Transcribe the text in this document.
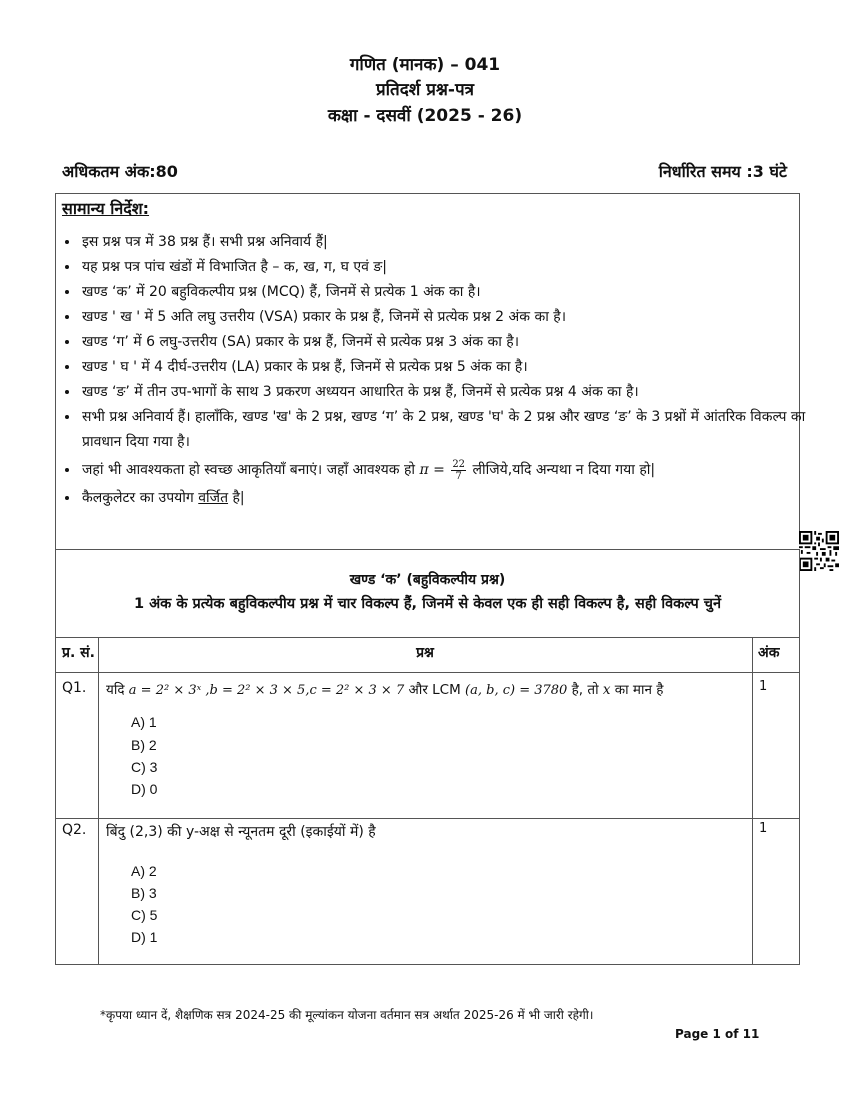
गणित (मानक) – 041
प्रतिदर्श प्रश्न-पत्र
कक्षा - दसवीं (2025 - 26)
अधिकतम अंक:80	निर्धारित समय :3 घंटे
सामान्य निर्देश:
• इस प्रश्न पत्र में 38 प्रश्न हैं। सभी प्रश्न अनिवार्य हैं|
• यह प्रश्न पत्र पांच खंडों में विभाजित है – क, ख, ग, घ एवं ङ|
• खण्ड ‘क’ में 20 बहुविकल्पीय प्रश्न (MCQ) हैं, जिनमें से प्रत्येक 1 अंक का है।
• खण्ड ' ख ' में 5 अति लघु उत्तरीय (VSA) प्रकार के प्रश्न हैं, जिनमें से प्रत्येक प्रश्न 2 अंक का है।
• खण्ड ‘ग’ में 6 लघु-उत्तरीय (SA) प्रकार के प्रश्न हैं, जिनमें से प्रत्येक प्रश्न 3 अंक का है।
• खण्ड ' घ ' में 4 दीर्घ-उत्तरीय (LA) प्रकार के प्रश्न हैं, जिनमें से प्रत्येक प्रश्न 5 अंक का है।
• खण्ड ‘ङ’ में तीन उप-भागों के साथ 3 प्रकरण अध्ययन आधारित के प्रश्न हैं, जिनमें से प्रत्येक प्रश्न 4 अंक का है।
• सभी प्रश्न अनिवार्य हैं। हालाँकि, खण्ड 'ख' के 2 प्रश्न, खण्ड ‘ग’ के 2 प्रश्न, खण्ड 'घ' के 2 प्रश्न और खण्ड ‘ङ’ के 3 प्रश्नों में आंतरिक विकल्प का प्रावधान दिया गया है।
• जहां भी आवश्यकता हो स्वच्छ आकृतियाँ बनाएं। जहाँ आवश्यक हो $\pi = \frac{22}{7}$ लीजिये,यदि अन्यथा न दिया गया हो|
• कैलकुलेटर का उपयोग वर्जित है|
खण्ड ‘क’ (बहुविकल्पीय प्रश्न)
1 अंक के प्रत्येक बहुविकल्पीय प्रश्न में चार विकल्प हैं, जिनमें से केवल एक ही सही विकल्प है, सही विकल्प चुनें
प्र. सं.	प्रश्न	अंक
Q1. यदि a = 2² × 3ˣ ,b = 2² × 3 × 5,c = 2² × 3 × 7 और LCM (a, b, c) = 3780 है, तो x का मान है	1
A) 1
B) 2
C) 3
D) 0
Q2. बिंदु (2,3) की y-अक्ष से न्यूनतम दूरी (इकाईयों में) है	1
A) 2
B) 3
C) 5
D) 1
*कृपया ध्यान दें, शैक्षणिक सत्र 2024-25 की मूल्यांकन योजना वर्तमान सत्र अर्थात 2025-26 में भी जारी रहेगी।
Page 1 of 11
